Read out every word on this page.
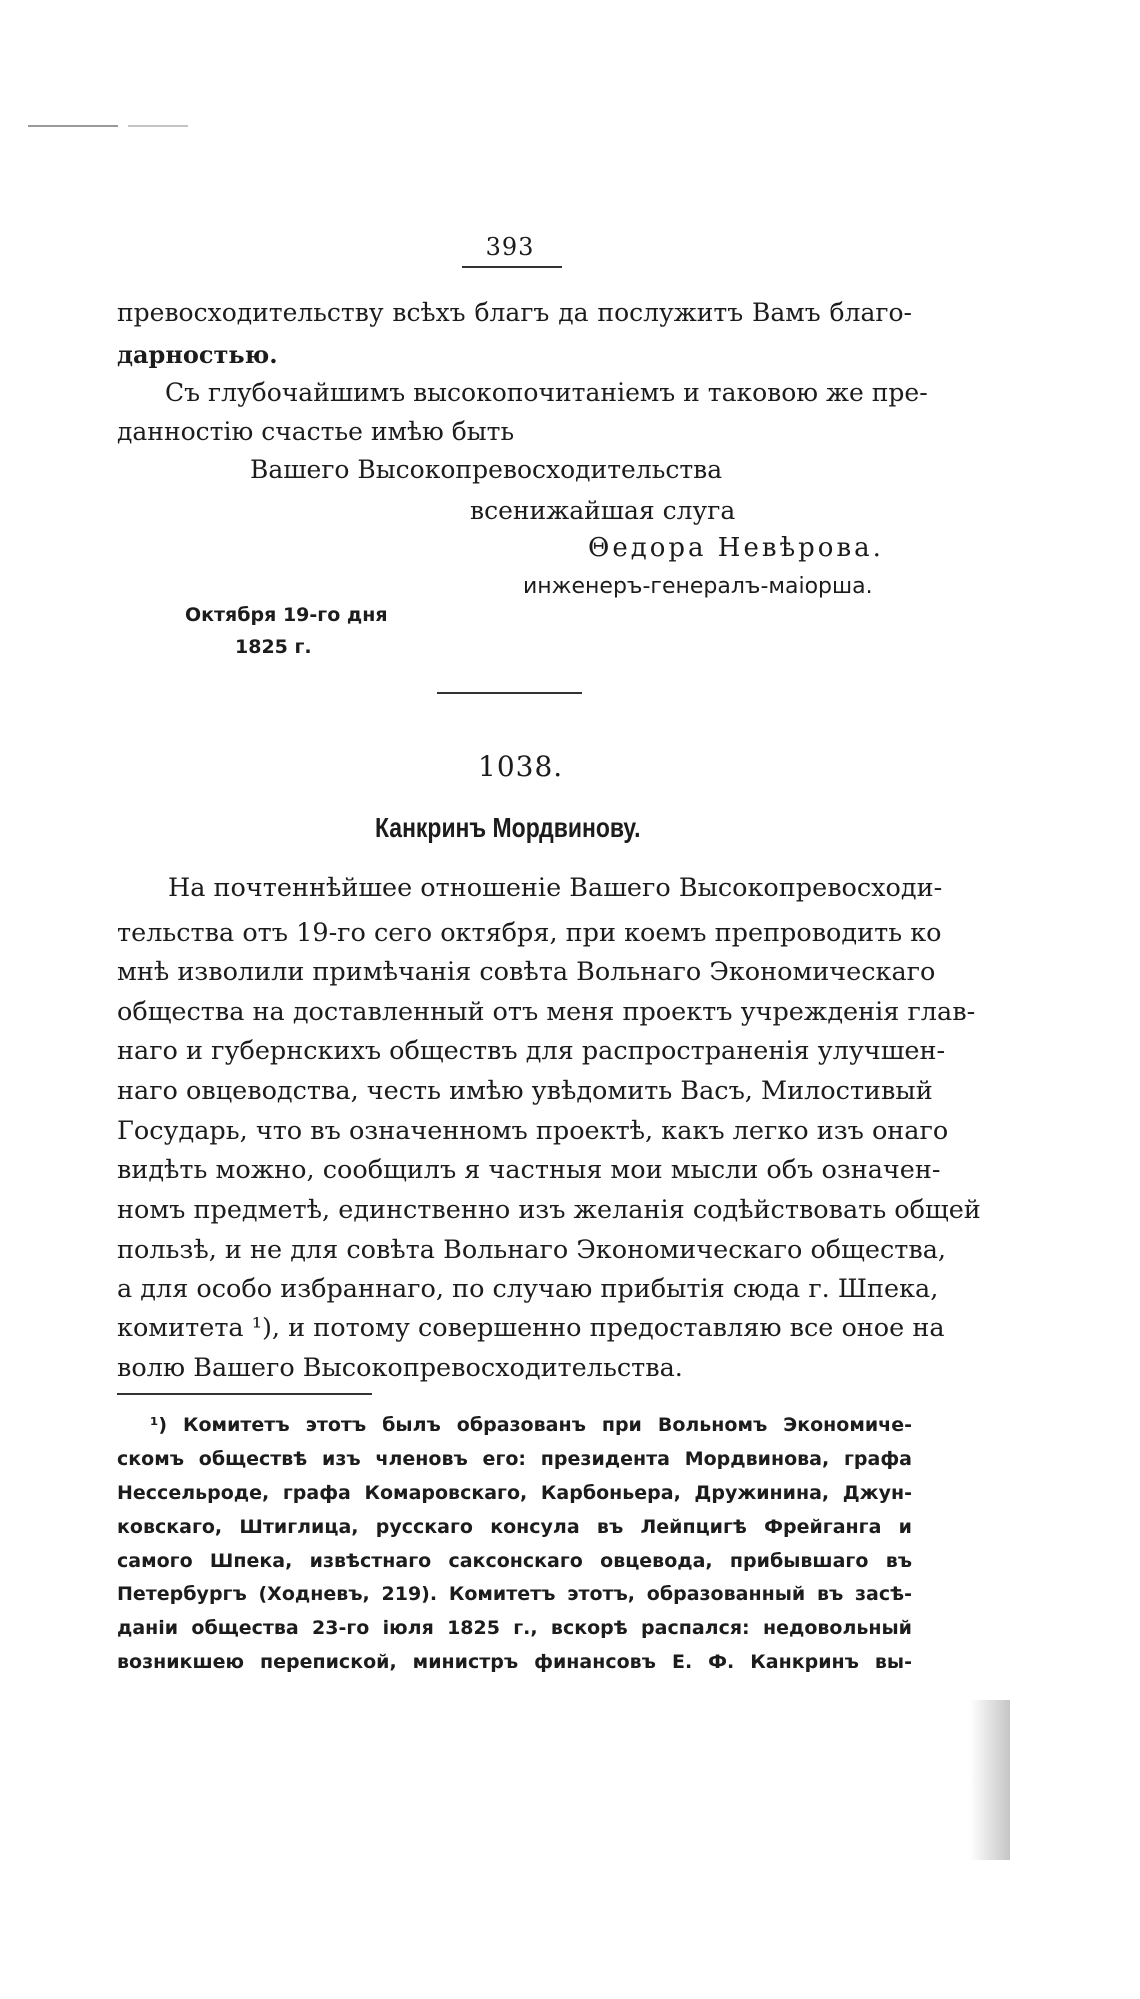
393
превосходительству всѣхъ благъ да послужитъ Вамъ благо-
дарностью.
Съ глубочайшимъ высокопочитаніемъ и таковою же пре-
данностію счастье имѣю быть
Вашего Высокопревосходительства
всенижайшая слуга
Θедора Невѣрова.
инженеръ-генералъ-маіорша.
Октября 19-го дня
1825 г.
1038.
Канкринъ Мордвинову.
На почтеннѣйшее отношеніе Вашего Высокопревосходи-
тельства отъ 19-го сего октября, при коемъ препроводить ко
мнѣ изволили примѣчанія совѣта Вольнаго Экономическаго
общества на доставленный отъ меня проектъ учрежденія глав-
наго и губернскихъ обществъ для распространенія улучшен-
наго овцеводства, честь имѣю увѣдомить Васъ, Милостивый
Государь, что въ означенномъ проектѣ, какъ легко изъ онаго
видѣть можно, сообщилъ я частныя мои мысли объ означен-
номъ предметѣ, единственно изъ желанія содѣйствовать общей
пользѣ, и не для совѣта Вольнаго Экономическаго общества,
а для особо избраннаго, по случаю прибытія сюда г. Шпека,
комитета ¹), и потому совершенно предоставляю все оное на
волю Вашего Высокопревосходительства.
¹) Комитетъ этотъ былъ образованъ при Вольномъ Экономиче-
скомъ обществѣ изъ членовъ его: президента Мордвинова, графа
Нессельроде, графа Комаровскаго, Карбоньера, Дружинина, Джун-
ковскаго, Штиглица, русскаго консула въ Лейпцигѣ Фрейганга и
самого Шпека, извѣстнаго саксонскаго овцевода, прибывшаго въ
Петербургъ (Ходневъ, 219). Комитетъ этотъ, образованный въ засѣ-
даніи общества 23-го іюля 1825 г., вскорѣ распался: недовольный
возникшею перепиской, министръ финансовъ Е. Ф. Канкринъ вы-
